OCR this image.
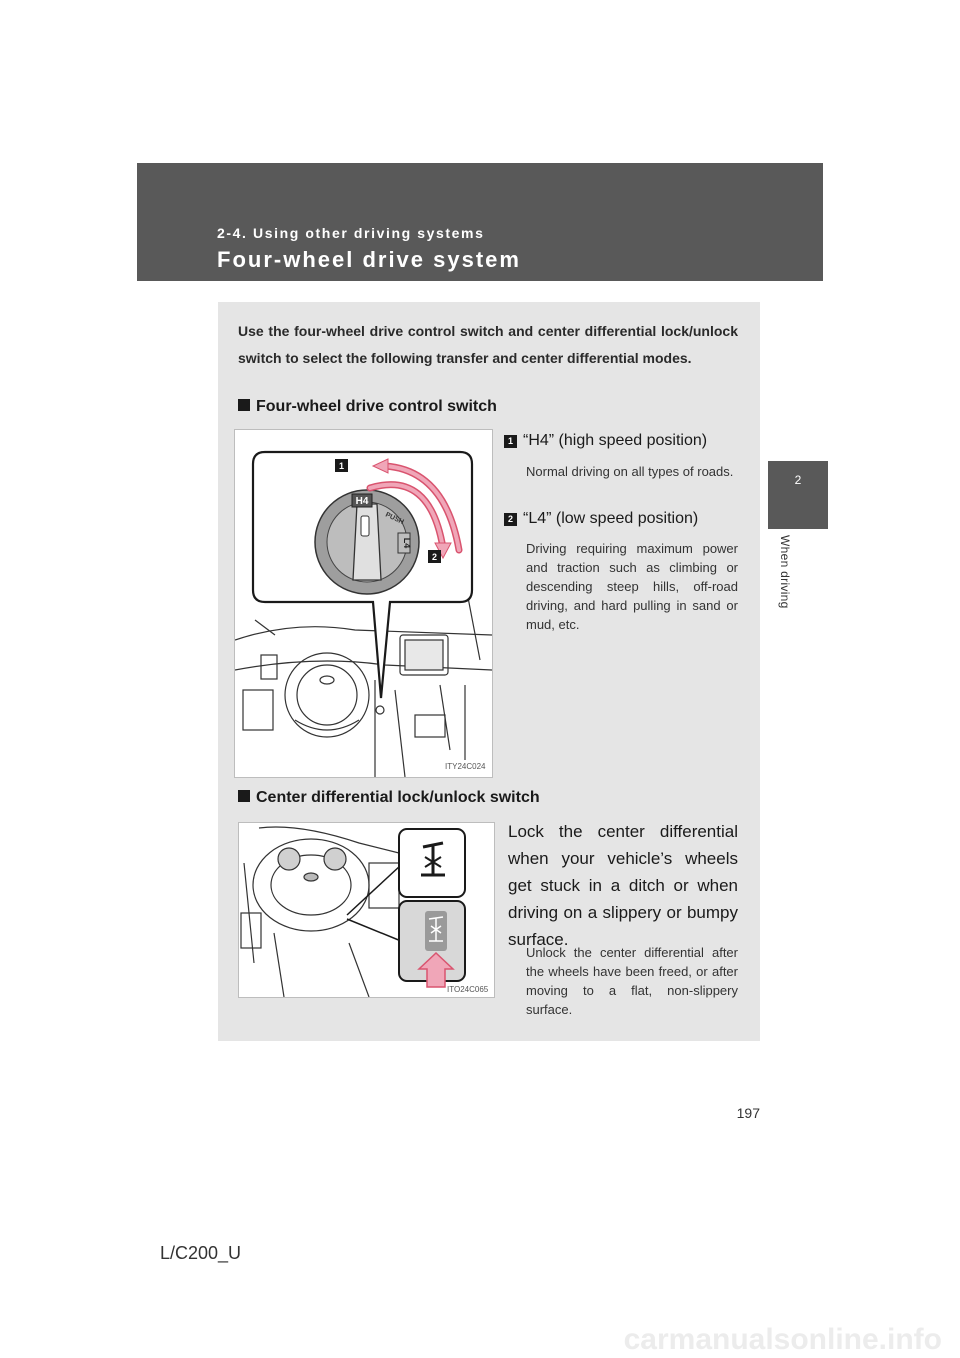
2-4. Using other driving systems
Four-wheel drive system
2
When driving
Use the four-wheel drive control switch and center differential lock/unlock switch to select the following transfer and center differential modes.
Four-wheel drive control switch
H4
PUSH
L4
1
2
ITY24C024
1 “H4” (high speed position)
Normal driving on all types of roads.
2 “L4” (low speed position)
Driving requiring maximum power and traction such as climbing or descending steep hills, off-road driving, and hard pulling in sand or mud, etc.
Center differential lock/unlock switch
ITO24C065
Lock the center differential when your vehicle’s wheels get stuck in a ditch or when driving on a slippery or bumpy surface.
Unlock the center differential after the wheels have been freed, or after moving to a flat, non-slippery surface.
197
L/C200_U
carmanualsonline.info
